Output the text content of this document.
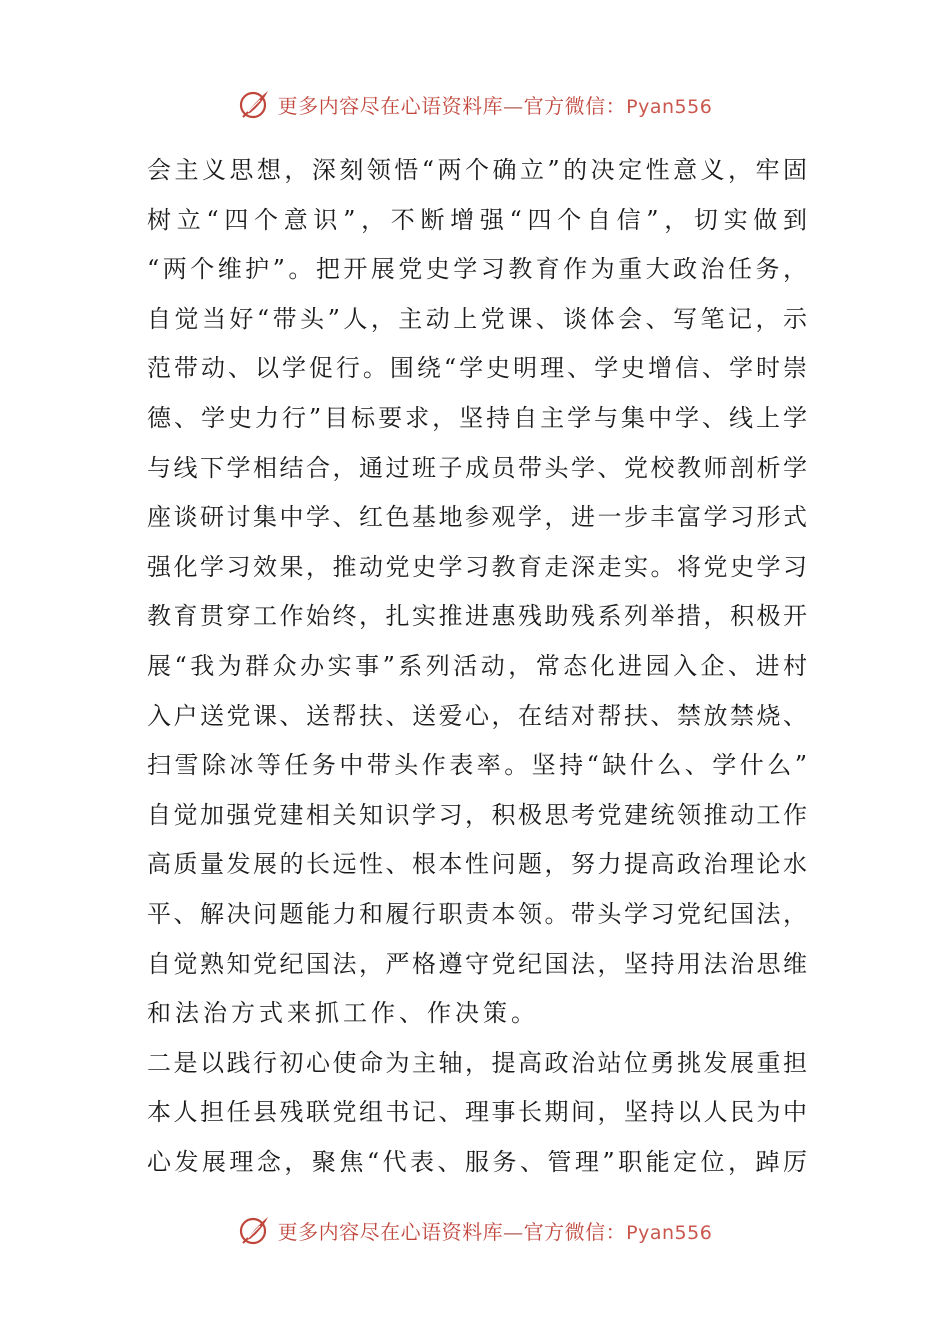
更多内容尽在心语资料库—官方微信：Pyan556
会主义思想，深刻领悟“两个确立”的决定性意义，牢固
树立“四个意识”，不断增强“四个自信”，切实做到
“两个维护”。把开展党史学习教育作为重大政治任务，
自觉当好“带头”人，主动上党课、谈体会、写笔记，示
范带动、以学促行。围绕“学史明理、学史增信、学时崇
德、学史力行”目标要求，坚持自主学与集中学、线上学
与线下学相结合，通过班子成员带头学、党校教师剖析学
座谈研讨集中学、红色基地参观学，进一步丰富学习形式
强化学习效果，推动党史学习教育走深走实。将党史学习
教育贯穿工作始终，扎实推进惠残助残系列举措，积极开
展“我为群众办实事”系列活动，常态化进园入企、进村
入户送党课、送帮扶、送爱心，在结对帮扶、禁放禁烧、
扫雪除冰等任务中带头作表率。坚持“缺什么、学什么”
自觉加强党建相关知识学习，积极思考党建统领推动工作
高质量发展的长远性、根本性问题，努力提高政治理论水
平、解决问题能力和履行职责本领。带头学习党纪国法，
自觉熟知党纪国法，严格遵守党纪国法，坚持用法治思维
和法治方式来抓工作、作决策。
二是以践行初心使命为主轴，提高政治站位勇挑发展重担
本人担任县残联党组书记、理事长期间，坚持以人民为中
心发展理念，聚焦“代表、服务、管理”职能定位，踔厉
更多内容尽在心语资料库—官方微信：Pyan556
